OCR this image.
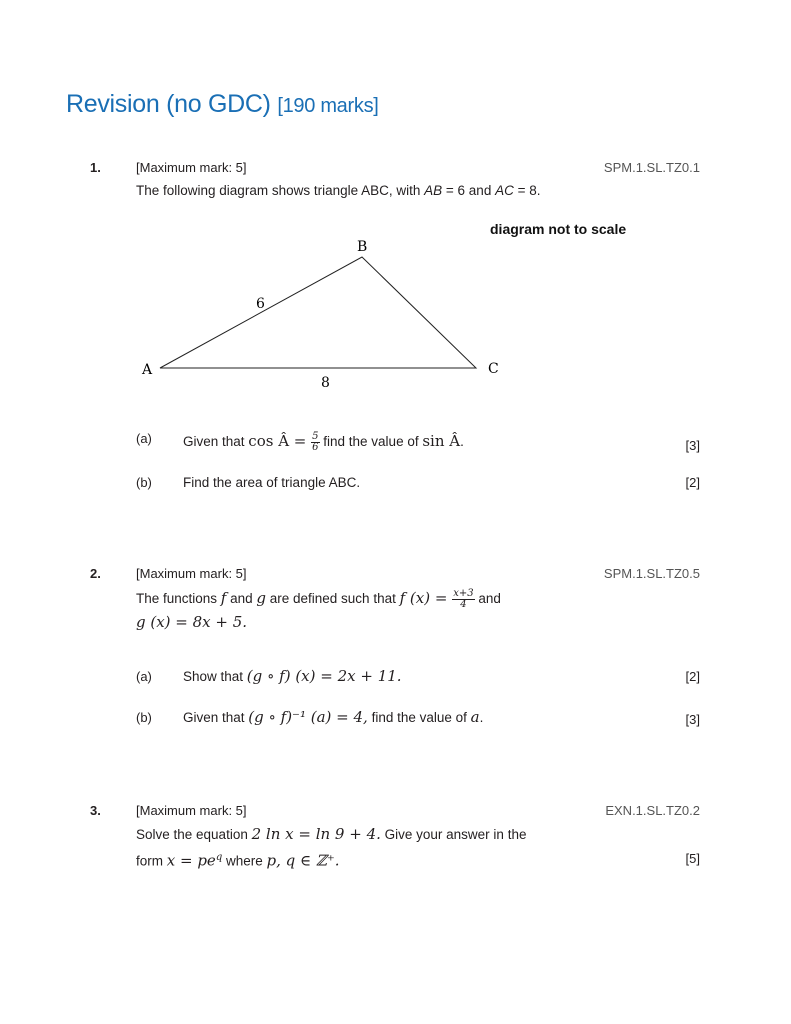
Revision (no GDC) [190 marks]
1.	[Maximum mark: 5]	SPM.1.SL.TZ0.1
The following diagram shows triangle ABC, with AB = 6 and AC = 8.
diagram not to scale
A
B
C
6
8
(a) Given that cos Â = $\frac{5}{6}$ find the value of sin Â.	[3]
(b) Find the area of triangle ABC.	[2]
2.	[Maximum mark: 5]	SPM.1.SL.TZ0.5
The functions f and g are defined such that f $(x) = \frac{x+3}{4}$ and
g (x) = 8x + 5.
(a) Show that (g ∘ f) (x) = 2x + 11.	[2]
(b) Given that (g ∘ f)⁻¹ (a) = 4, find the value of a.	[3]
3.	[Maximum mark: 5]	EXN.1.SL.TZ0.2
Solve the equation 2 ln x = ln 9 + 4. Give your answer in the
form $x = pe^q$ where p, q ∈ ℤ⁺.	[5]
